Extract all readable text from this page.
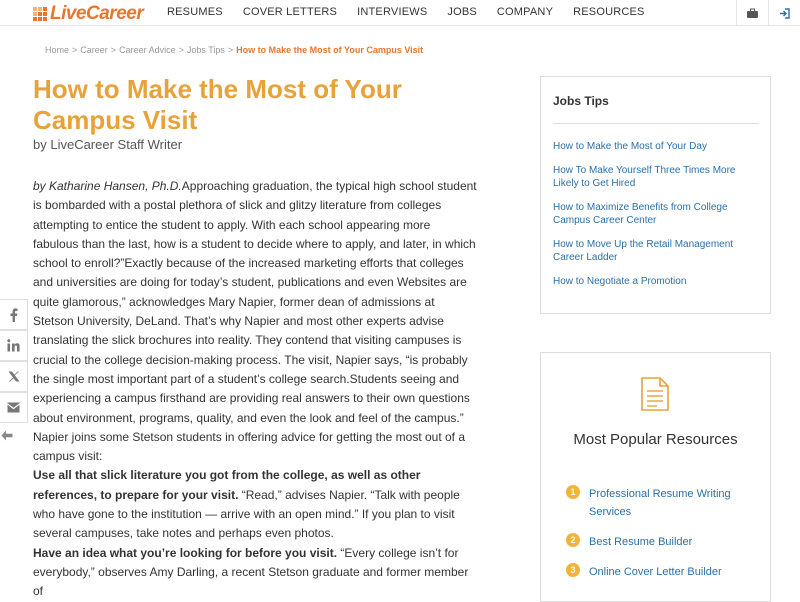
LiveCareer RESUMES COVER LETTERS INTERVIEWS JOBS COMPANY RESOURCES
Home > Career > Career Advice > Jobs Tips > How to Make the Most of Your Campus Visit
How to Make the Most of Your Campus Visit
by LiveCareer Staff Writer

by Katharine Hansen, Ph.D.Approaching graduation, the typical high school student is bombarded with a postal plethora of slick and glitzy literature from colleges attempting to entice the student to apply. With each school appearing more fabulous than the last, how is a student to decide where to apply, and later, in which school to enroll?”Exactly because of the increased marketing efforts that colleges and universities are doing for today’s student, publications and even Websites are quite glamorous,” acknowledges Mary Napier, former dean of admissions at Stetson University, DeLand. That’s why Napier and most other experts advise translating the slick brochures into reality. They contend that visiting campuses is crucial to the college decision-making process. The visit, Napier says, “is probably the single most important part of a student’s college search.Students seeing and experiencing a campus firsthand are providing real answers to their own questions about environment, programs, quality, and even the look and feel of the campus.” Napier joins some Stetson students in offering advice for getting the most out of a campus visit:

Use all that slick literature you got from the college, as well as other references, to prepare for your visit. “Read,” advises Napier. “Talk with people who have gone to the institution — arrive with an open mind.” If you plan to visit several campuses, take notes and perhaps even photos.

Have an idea what you’re looking for before you visit. “Every college isn’t for everybody,” observes Amy Darling, a recent Stetson graduate and former member of

Jobs Tips
How to Make the Most of Your Day
How To Make Yourself Three Times More Likely to Get Hired
How to Maximize Benefits from College Campus Career Center
How to Move Up the Retail Management Career Ladder
How to Negotiate a Promotion
Most Popular Resources
1	Professional Resume Writing Services
2	Best Resume Builder
3	Online Cover Letter Builder
